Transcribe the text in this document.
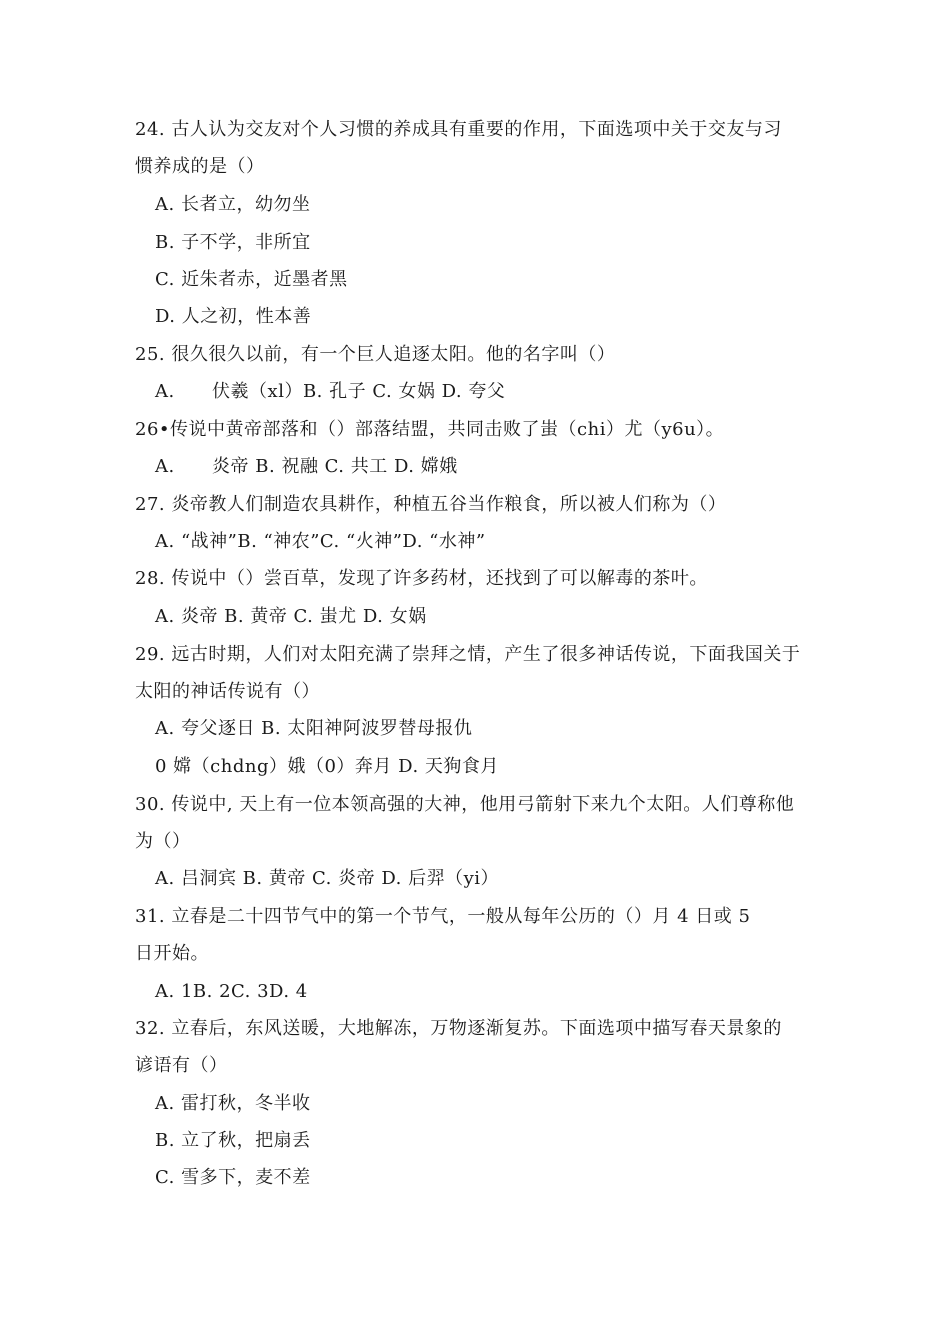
24. 古人认为交友对个人习惯的养成具有重要的作用，下面选项中关于交友与习
惯养成的是（）
A. 长者立，幼勿坐
B. 子不学，非所宜
C. 近朱者赤，近墨者黑
D. 人之初，性本善
25. 很久很久以前，有一个巨人追逐太阳。他的名字叫（）
A.      伏羲（xl）B. 孔子 C. 女娲 D. 夸父
26•传说中黄帝部落和（）部落结盟，共同击败了蚩（chi）尤（y6u）。
A.      炎帝 B. 祝融 C. 共工 D. 嫦娥
27. 炎帝教人们制造农具耕作，种植五谷当作粮食，所以被人们称为（）
A. “战神”B. “神农”C. “火神”D. “水神”
28. 传说中（）尝百草，发现了许多药材，还找到了可以解毒的茶叶。
A. 炎帝 B. 黄帝 C. 蚩尤 D. 女娲
29. 远古时期，人们对太阳充满了崇拜之情，产生了很多神话传说，下面我国关于
太阳的神话传说有（）
A. 夸父逐日 B. 太阳神阿波罗替母报仇
0 嫦（chdng）娥（0）奔月 D. 天狗食月
30. 传说中, 天上有一位本领高强的大神，他用弓箭射下来九个太阳。人们尊称他
为（）
A. 吕洞宾 B. 黄帝 C. 炎帝 D. 后羿（yi）
31. 立春是二十四节气中的第一个节气，一般从每年公历的（）月 4 日或 5
日开始。
A. 1B. 2C. 3D. 4
32. 立春后，东风送暖，大地解冻，万物逐渐复苏。下面选项中描写春天景象的
谚语有（）
A. 雷打秋，冬半收
B. 立了秋，把扇丢
C. 雪多下，麦不差
